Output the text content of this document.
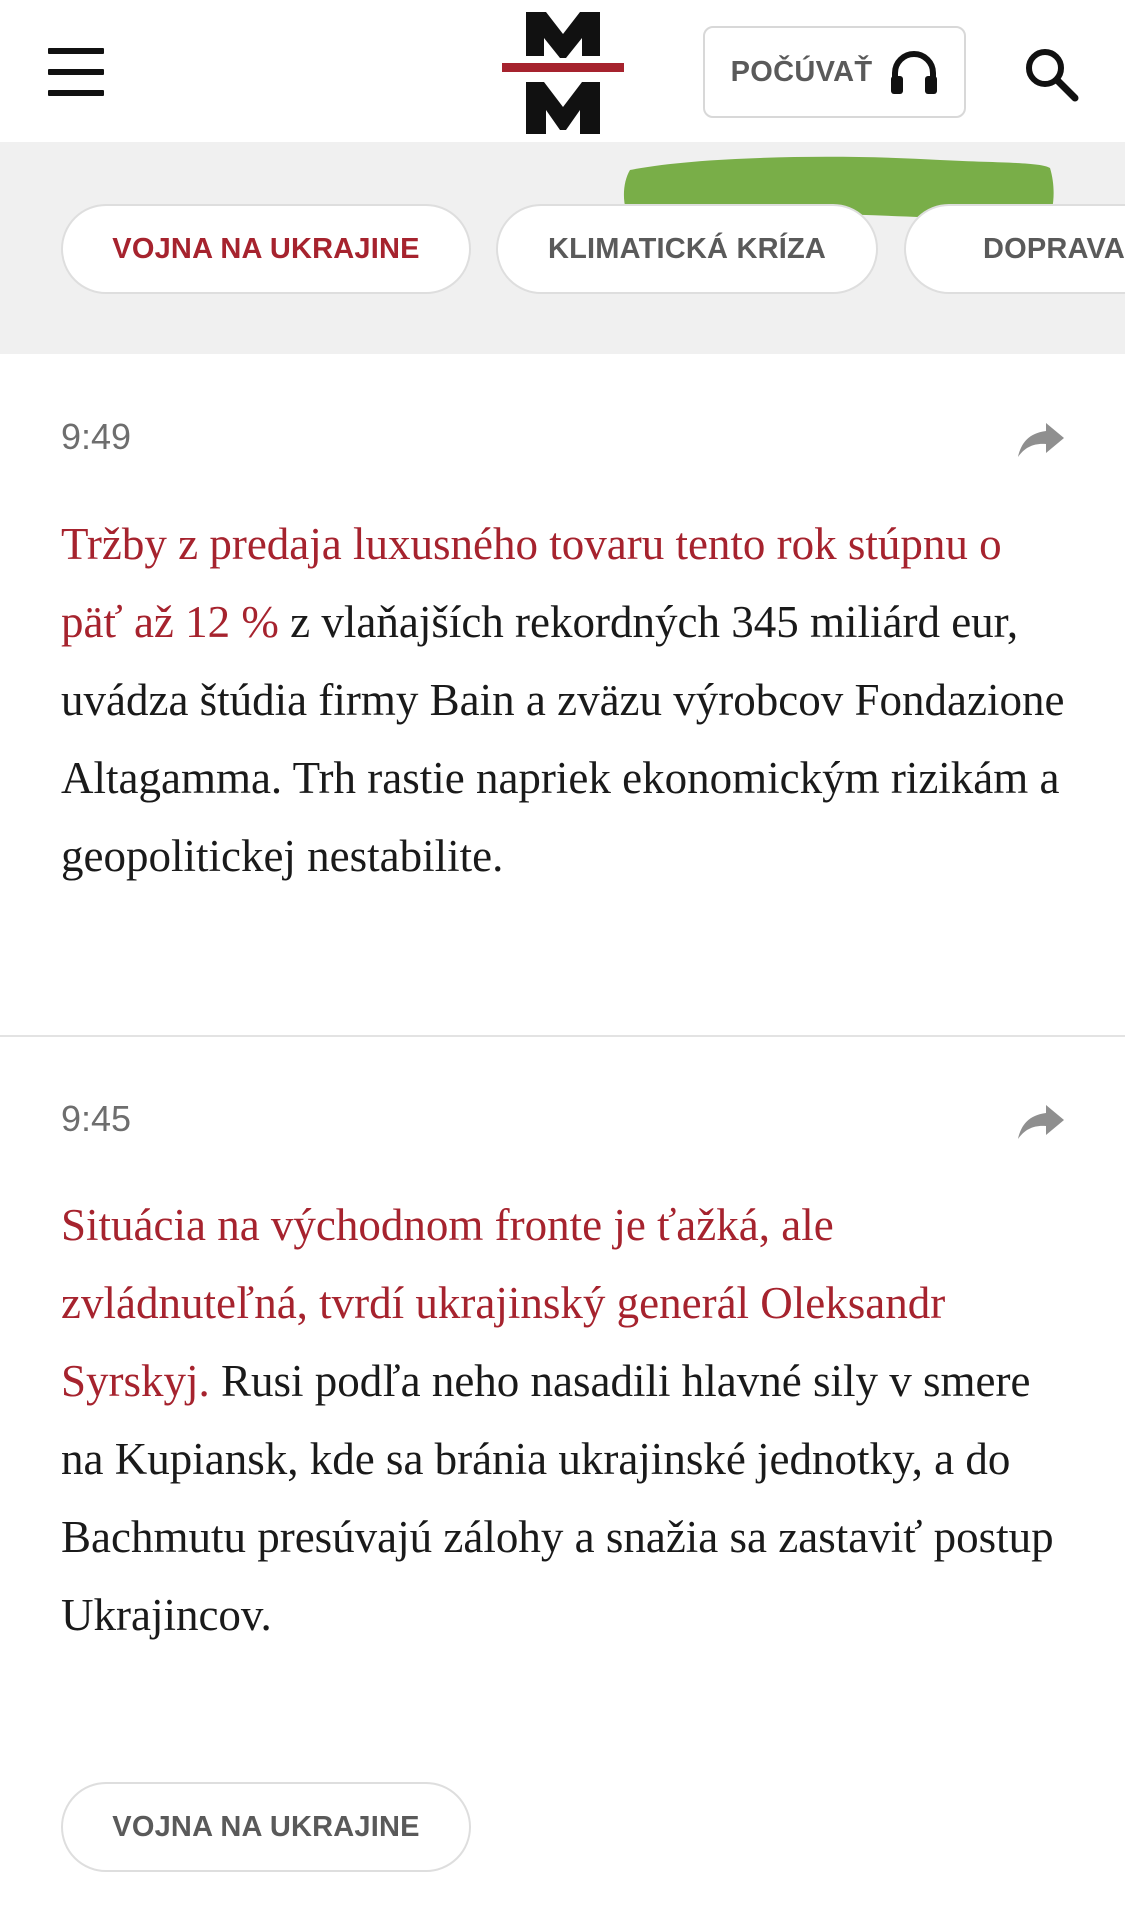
POČÚVAŤ
VOJNA NA UKRAJINE	KLIMATICKÁ KRÍZA	DOPRAVA
9:49

Tržby z predaja luxusného tovaru tento rok stúpnu o päť až 12 % z vlaňajších rekordných 345 miliárd eur, uvádza štúdia firmy Bain a zväzu výrobcov Fondazione Altagamma. Trh rastie napriek ekonomickým rizikám a geopolitickej nestabilite.

9:45

Situácia na východnom fronte je ťažká, ale zvládnuteľná, tvrdí ukrajinský generál Oleksandr Syrskyj. Rusi podľa neho nasadili hlavné sily v smere na Kupiansk, kde sa bránia ukrajinské jednotky, a do Bachmutu presúvajú zálohy a snažia sa zastaviť postup Ukrajincov.

VOJNA NA UKRAJINE
